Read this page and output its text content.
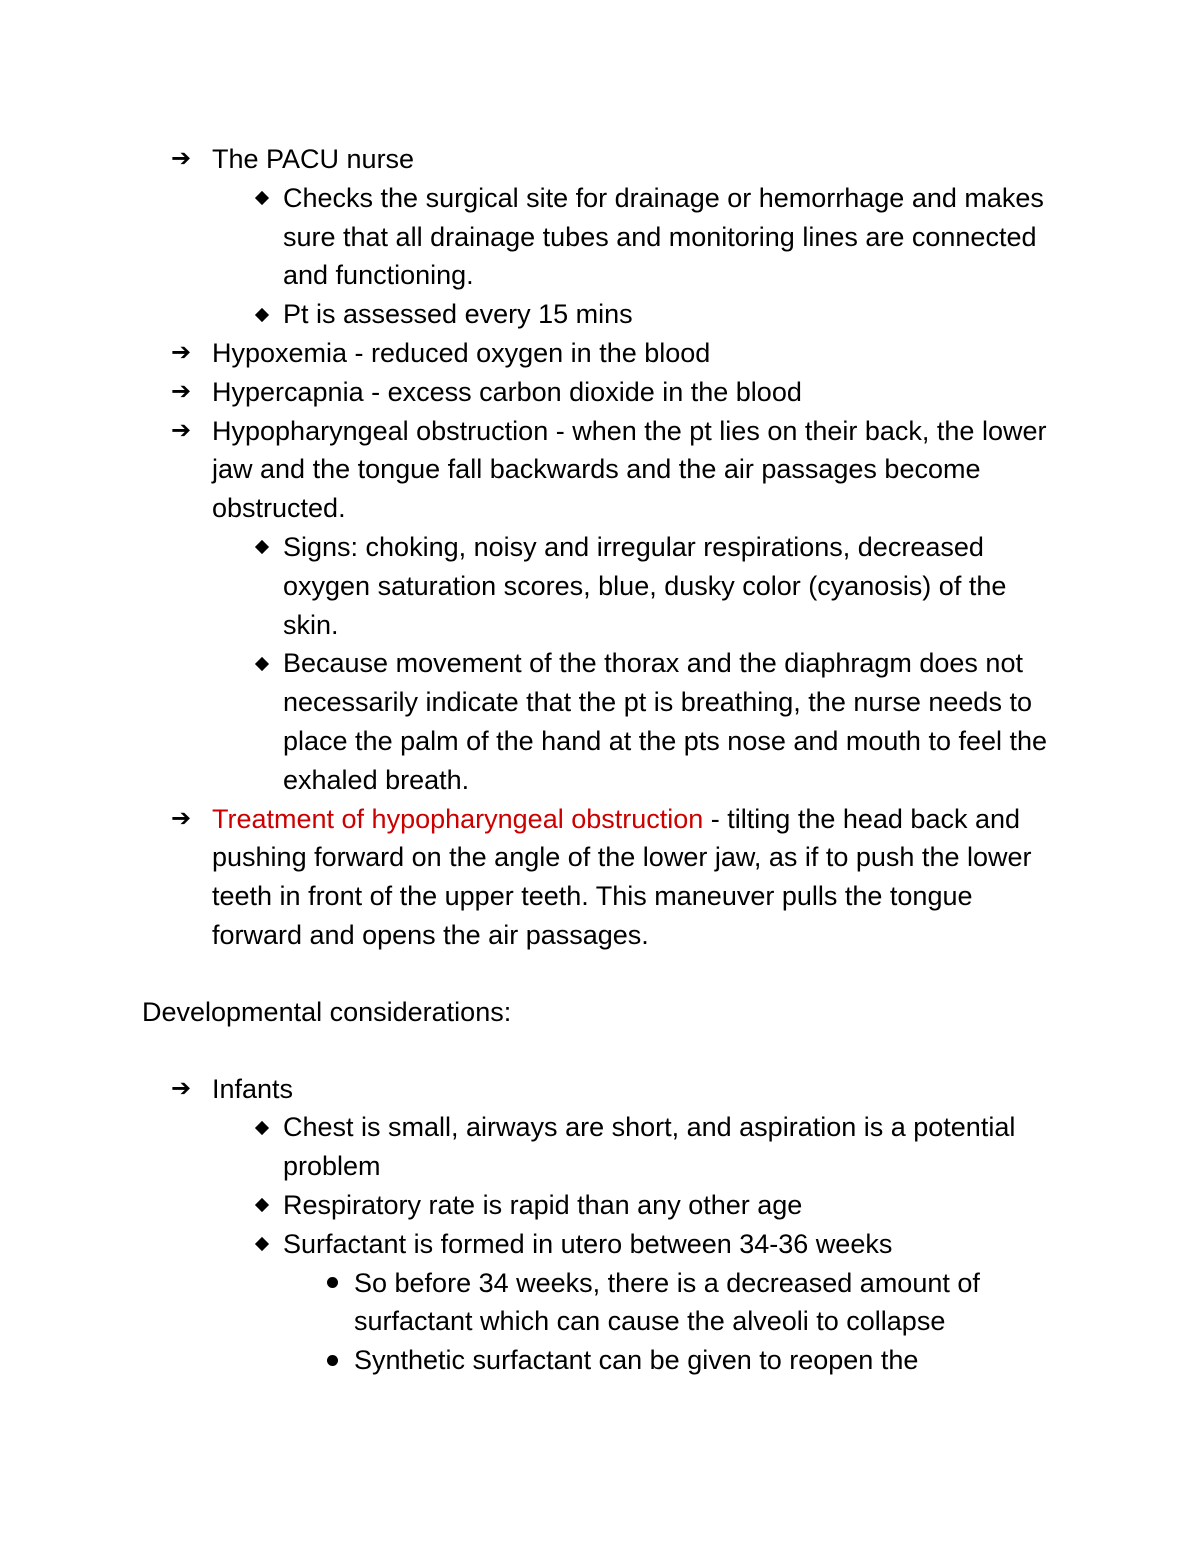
➔ The PACU nurse
Checks the surgical site for drainage or hemorrhage and makes sure that all drainage tubes and monitoring lines are connected and functioning.
Pt is assessed every 15 mins
➔ Hypoxemia - reduced oxygen in the blood
➔ Hypercapnia - excess carbon dioxide in the blood
➔ Hypopharyngeal obstruction - when the pt lies on their back, the lower jaw and the tongue fall backwards and the air passages become obstructed.
Signs: choking, noisy and irregular respirations, decreased oxygen saturation scores, blue, dusky color (cyanosis) of the skin.
Because movement of the thorax and the diaphragm does not necessarily indicate that the pt is breathing, the nurse needs to place the palm of the hand at the pts nose and mouth to feel the exhaled breath.
➔ Treatment of hypopharyngeal obstruction - tilting the head back and pushing forward on the angle of the lower jaw, as if to push the lower teeth in front of the upper teeth. This maneuver pulls the tongue forward and opens the air passages.
Developmental considerations:
➔ Infants
Chest is small, airways are short, and aspiration is a potential problem
Respiratory rate is rapid than any other age
Surfactant is formed in utero between 34-36 weeks
So before 34 weeks, there is a decreased amount of surfactant which can cause the alveoli to collapse
Synthetic surfactant can be given to reopen the
